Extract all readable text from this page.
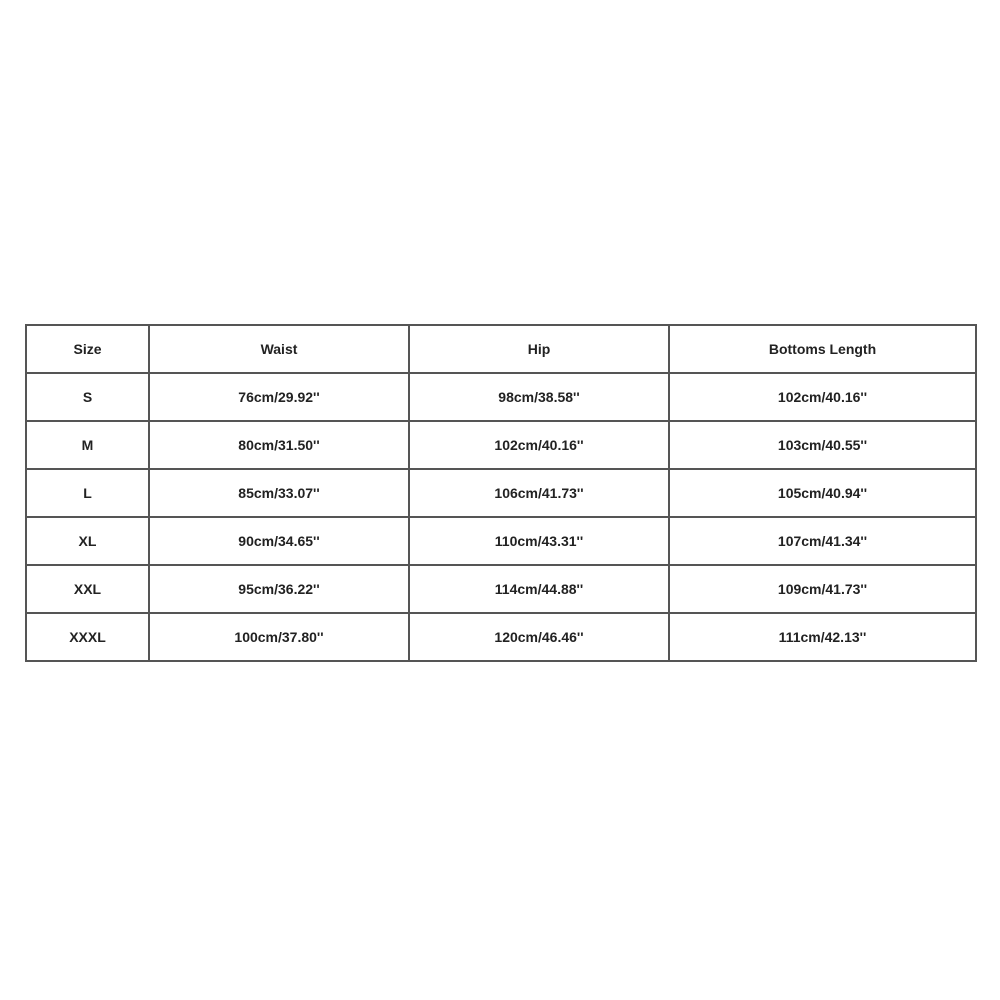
Size	Waist	Hip	Bottoms Length
S	76cm/29.92''	98cm/38.58''	102cm/40.16''
M	80cm/31.50''	102cm/40.16''	103cm/40.55''
L	85cm/33.07''	106cm/41.73''	105cm/40.94''
XL	90cm/34.65''	110cm/43.31''	107cm/41.34''
XXL	95cm/36.22''	114cm/44.88''	109cm/41.73''
XXXL	100cm/37.80''	120cm/46.46''	111cm/42.13''
